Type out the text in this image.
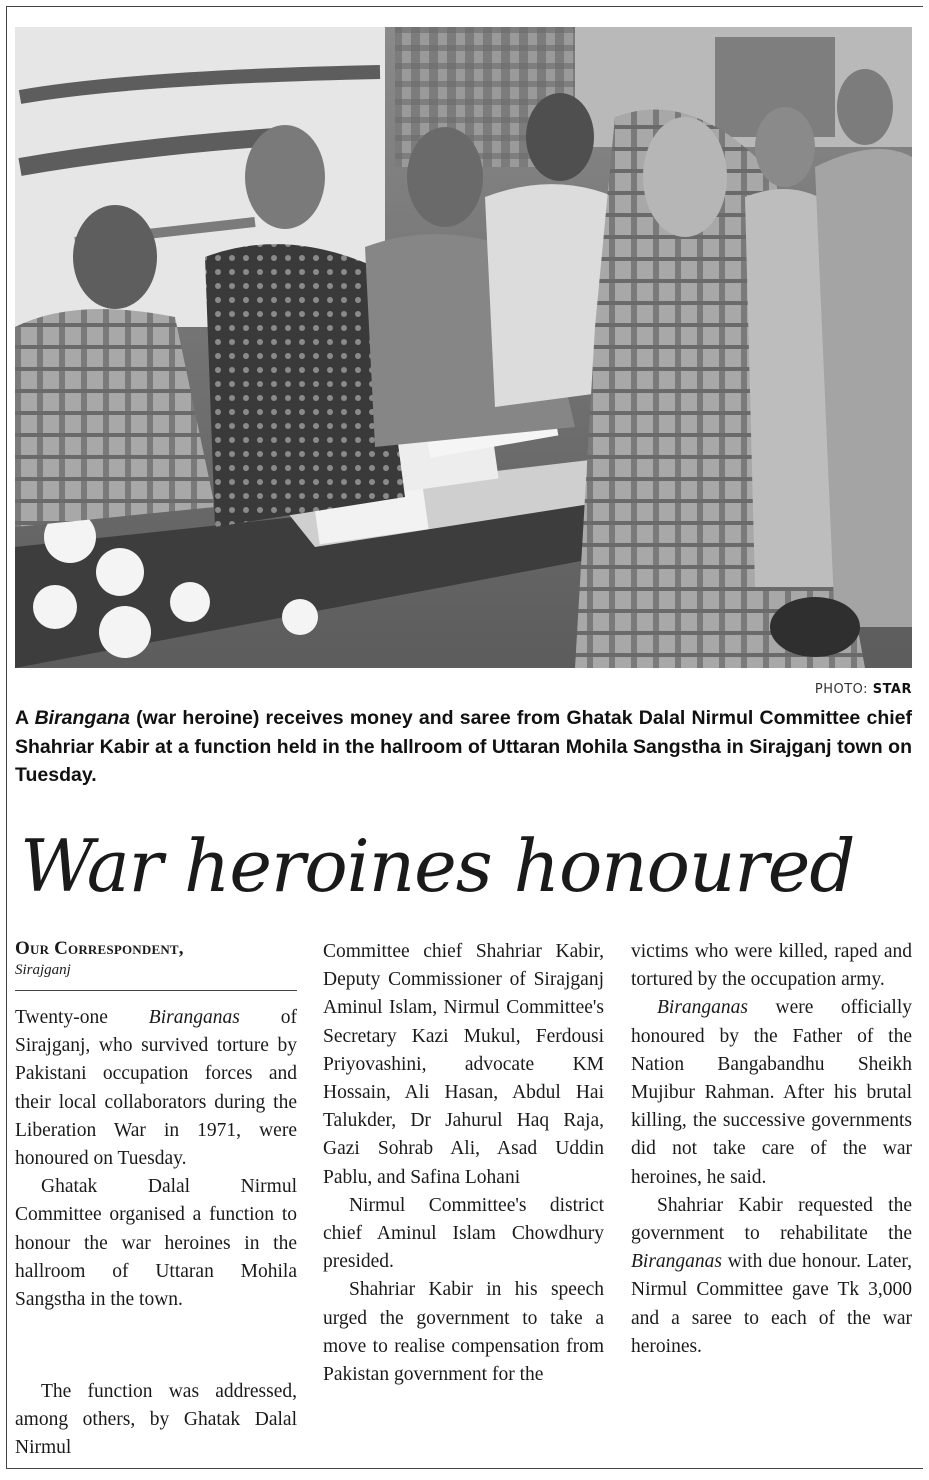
PHOTO: STAR
A Birangana (war heroine) receives money and saree from Ghatak Dalal Nirmul Committee chief Shahriar Kabir at a function held in the hallroom of Uttaran Mohila Sangstha in Sirajganj town on Tuesday.
War heroines honoured
Our Correspondent,
Sirajganj

Twenty-one Biranganas of Sirajganj, who survived torture by Pakistani occupation forces and their local collaborators during the Liberation War in 1971, were honoured on Tuesday.

Ghatak Dalal Nirmul Committee organised a function to honour the war heroines in the hallroom of Uttaran Mohila Sangstha in the town.

The function was addressed, among others, by Ghatak Dalal Nirmul

Committee chief Shahriar Kabir, Deputy Commissioner of Sirajganj Aminul Islam, Nirmul Committee's Secretary Kazi Mukul, Ferdousi Priyovashini, advocate KM Hossain, Ali Hasan, Abdul Hai Talukder, Dr Jahurul Haq Raja, Gazi Sohrab Ali, Asad Uddin Pablu, and Safina Lohani

Nirmul Committee's district chief Aminul Islam Chowdhury presided.

Shahriar Kabir in his speech urged the government to take a move to realise compensation from Pakistan government for the

victims who were killed, raped and tortured by the occupation army.

Biranganas were officially honoured by the Father of the Nation Bangabandhu Sheikh Mujibur Rahman. After his brutal killing, the successive governments did not take care of the war heroines, he said.

Shahriar Kabir requested the government to rehabilitate the Biranganas with due honour. Later, Nirmul Committee gave Tk 3,000 and a saree to each of the war heroines.
